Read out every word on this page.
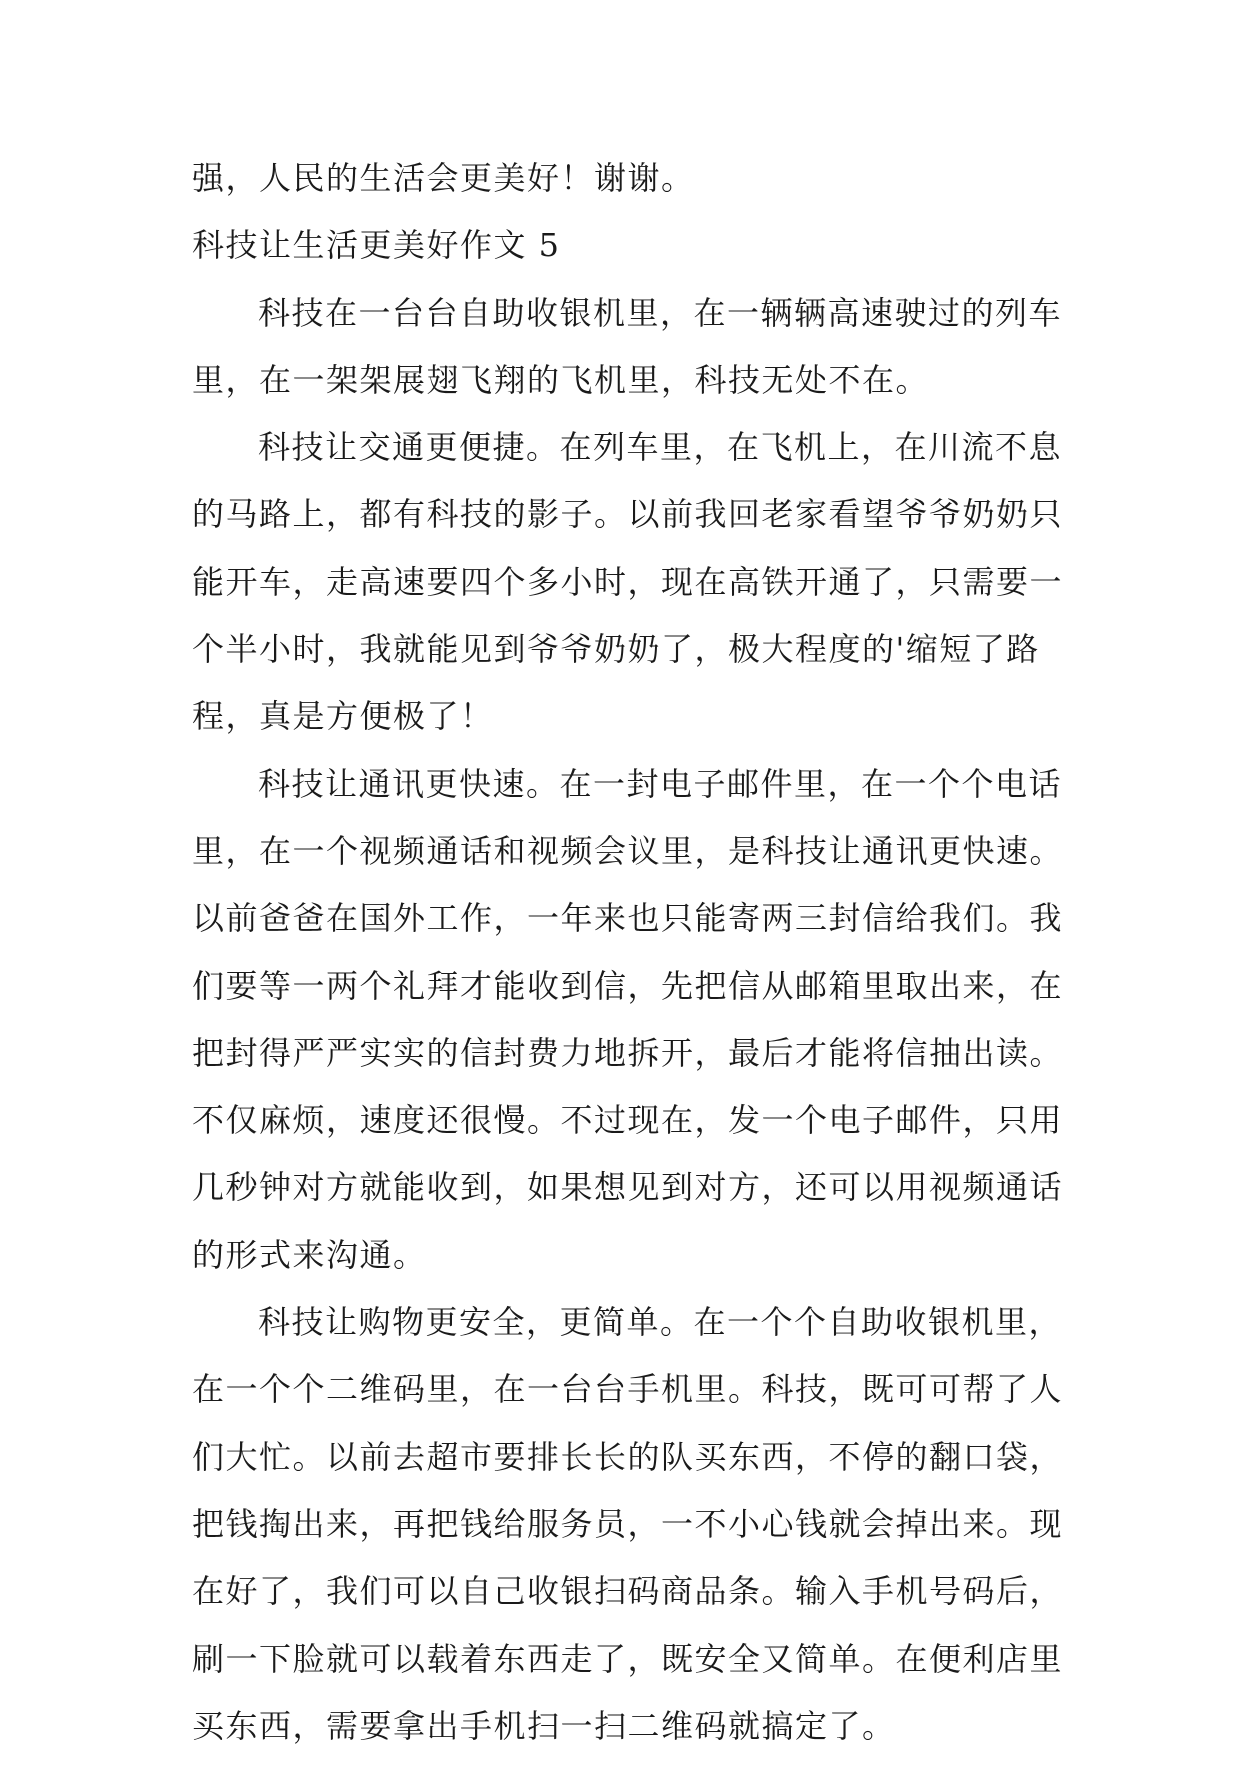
强，人民的生活会更美好！谢谢。
科技让生活更美好作文 5
科技在一台台自助收银机里，在一辆辆高速驶过的列车
里，在一架架展翅飞翔的飞机里，科技无处不在。
科技让交通更便捷。在列车里，在飞机上，在川流不息
的马路上，都有科技的影子。以前我回老家看望爷爷奶奶只
能开车，走高速要四个多小时，现在高铁开通了，只需要一
个半小时，我就能见到爷爷奶奶了，极大程度的'缩短了路
程，真是方便极了！
科技让通讯更快速。在一封电子邮件里，在一个个电话
里，在一个视频通话和视频会议里，是科技让通讯更快速。
以前爸爸在国外工作，一年来也只能寄两三封信给我们。我
们要等一两个礼拜才能收到信，先把信从邮箱里取出来，在
把封得严严实实的信封费力地拆开，最后才能将信抽出读。
不仅麻烦，速度还很慢。不过现在，发一个电子邮件，只用
几秒钟对方就能收到，如果想见到对方，还可以用视频通话
的形式来沟通。
科技让购物更安全，更简单。在一个个自助收银机里，
在一个个二维码里，在一台台手机里。科技，既可可帮了人
们大忙。以前去超市要排长长的队买东西，不停的翻口袋，
把钱掏出来，再把钱给服务员，一不小心钱就会掉出来。现
在好了，我们可以自己收银扫码商品条。输入手机号码后，
刷一下脸就可以载着东西走了，既安全又简单。在便利店里
买东西，需要拿出手机扫一扫二维码就搞定了。
